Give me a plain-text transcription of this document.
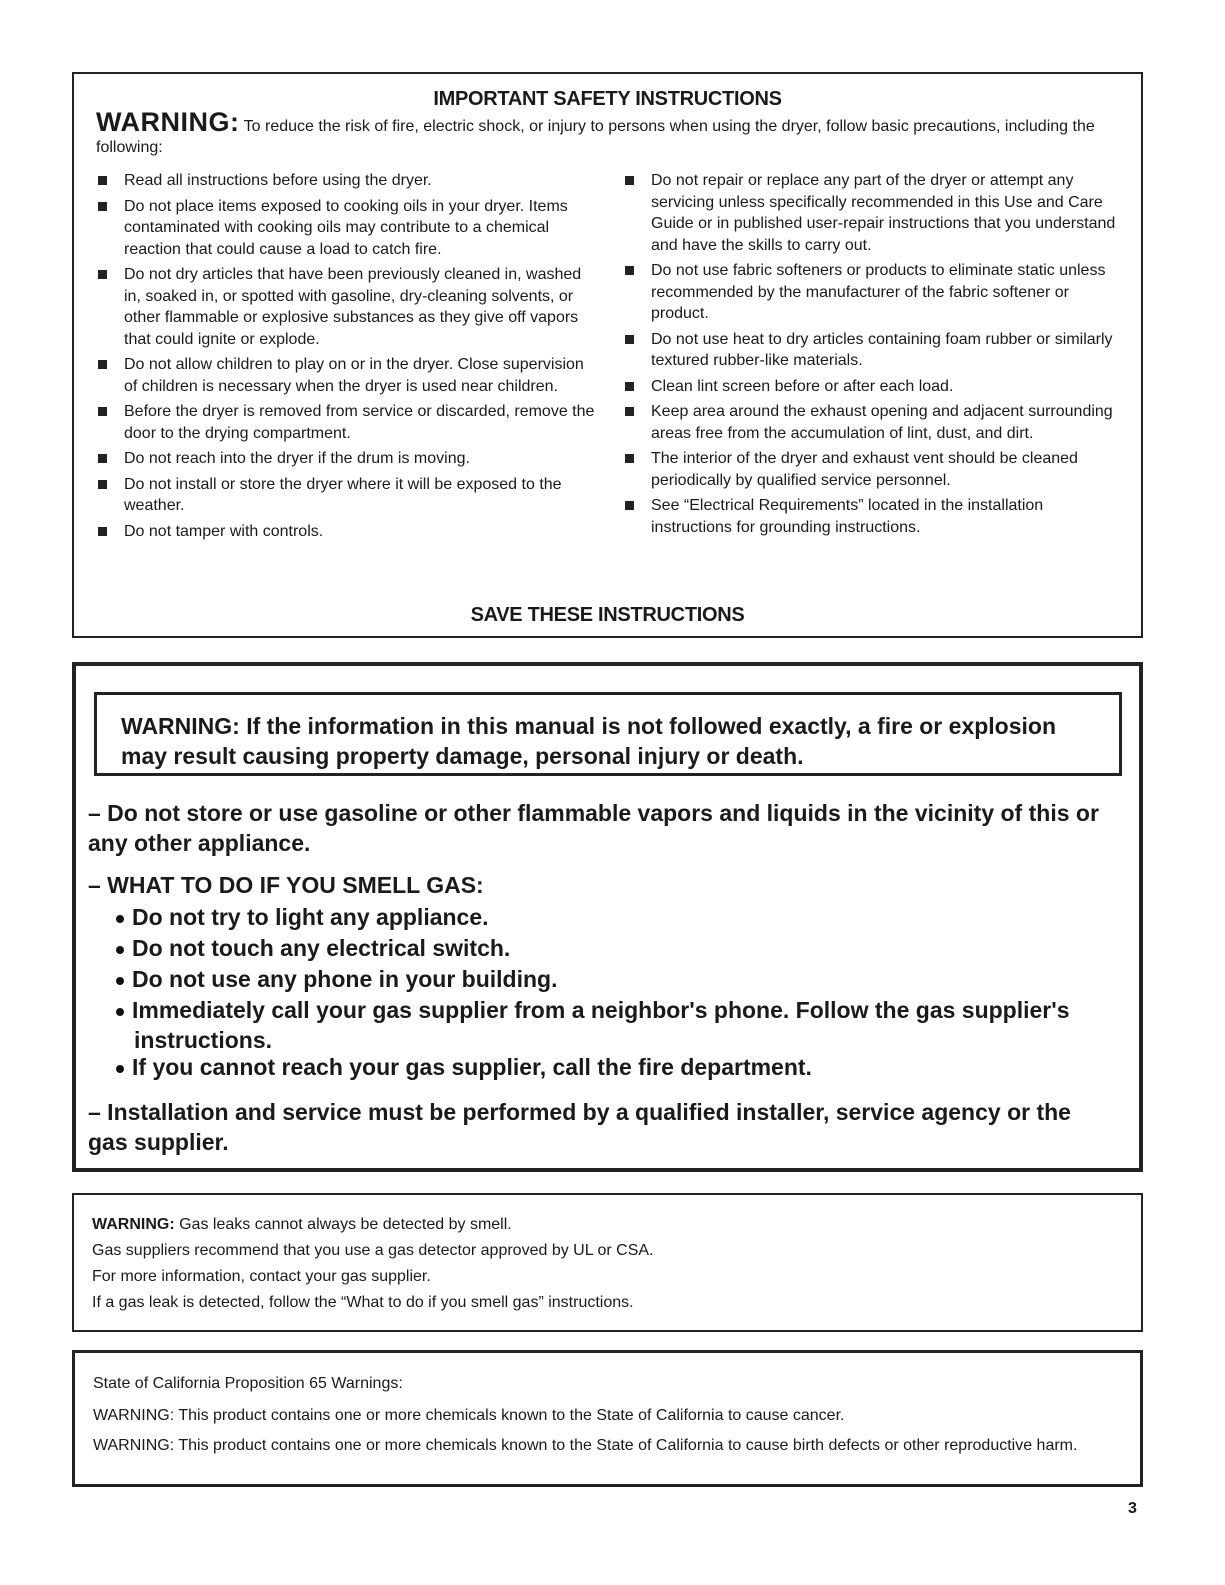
IMPORTANT SAFETY INSTRUCTIONS
WARNING: To reduce the risk of fire, electric shock, or injury to persons when using the dryer, follow basic precautions, including the following:
Read all instructions before using the dryer.
Do not place items exposed to cooking oils in your dryer. Items contaminated with cooking oils may contribute to a chemical reaction that could cause a load to catch fire.
Do not dry articles that have been previously cleaned in, washed in, soaked in, or spotted with gasoline, dry-cleaning solvents, or other flammable or explosive substances as they give off vapors that could ignite or explode.
Do not allow children to play on or in the dryer. Close supervision of children is necessary when the dryer is used near children.
Before the dryer is removed from service or discarded, remove the door to the drying compartment.
Do not reach into the dryer if the drum is moving.
Do not install or store the dryer where it will be exposed to the weather.
Do not tamper with controls.
Do not repair or replace any part of the dryer or attempt any servicing unless specifically recommended in this Use and Care Guide or in published user-repair instructions that you understand and have the skills to carry out.
Do not use fabric softeners or products to eliminate static unless recommended by the manufacturer of the fabric softener or product.
Do not use heat to dry articles containing foam rubber or similarly textured rubber-like materials.
Clean lint screen before or after each load.
Keep area around the exhaust opening and adjacent surrounding areas free from the accumulation of lint, dust, and dirt.
The interior of the dryer and exhaust vent should be cleaned periodically by qualified service personnel.
See “Electrical Requirements” located in the installation instructions for grounding instructions.
SAVE THESE INSTRUCTIONS
WARNING: If the information in this manual is not followed exactly, a fire or explosion may result causing property damage, personal injury or death.
– Do not store or use gasoline or other flammable vapors and liquids in the vicinity of this or any other appliance.
– WHAT TO DO IF YOU SMELL GAS:
Do not try to light any appliance.
Do not touch any electrical switch.
Do not use any phone in your building.
Immediately call your gas supplier from a neighbor's phone. Follow the gas supplier's instructions.
If you cannot reach your gas supplier, call the fire department.
– Installation and service must be performed by a qualified installer, service agency or the gas supplier.
WARNING: Gas leaks cannot always be detected by smell.
Gas suppliers recommend that you use a gas detector approved by UL or CSA.
For more information, contact your gas supplier.
If a gas leak is detected, follow the “What to do if you smell gas” instructions.
State of California Proposition 65 Warnings:
WARNING: This product contains one or more chemicals known to the State of California to cause cancer.
WARNING: This product contains one or more chemicals known to the State of California to cause birth defects or other reproductive harm.
3
